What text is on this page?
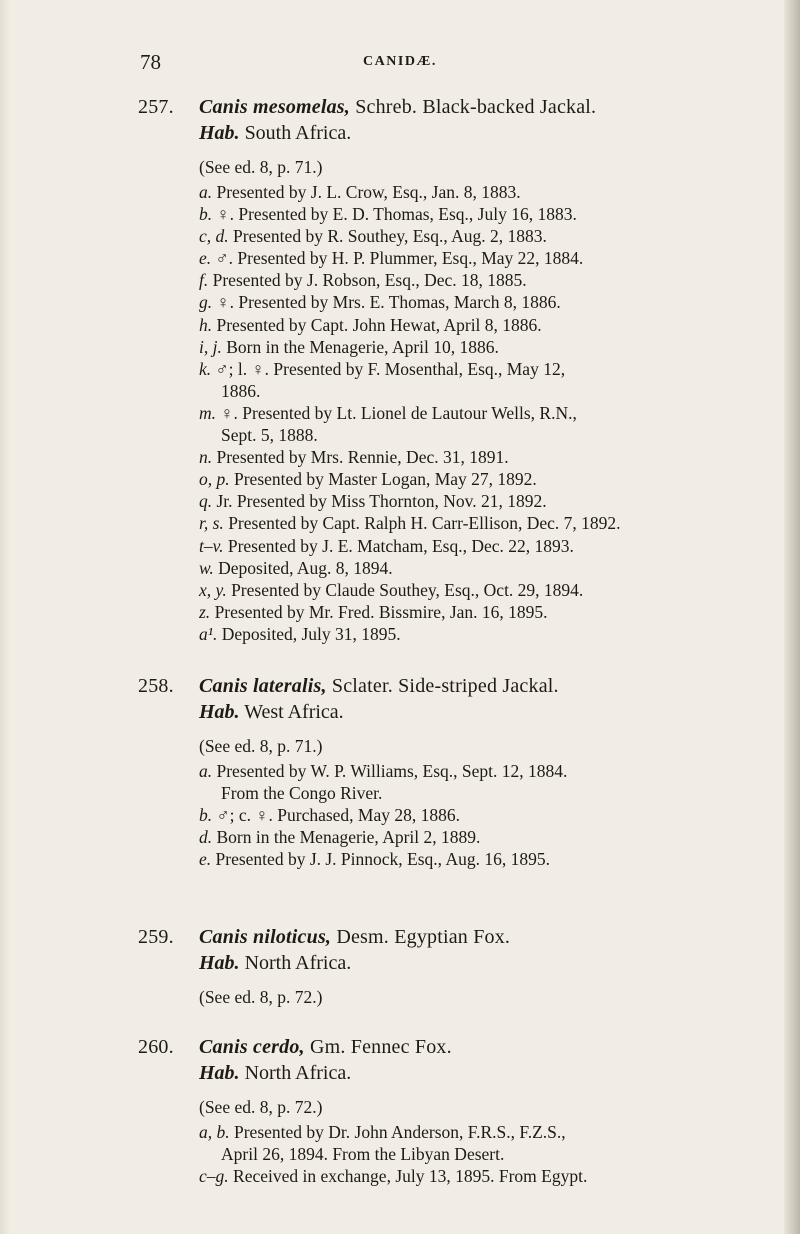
78	CANIDÆ.
257. Canis mesomelas, Schreb. Black-backed Jackal.
Hab. South Africa.
(See ed. 8, p. 71.)
a. Presented by J. L. Crow, Esq., Jan. 8, 1883.
b. ♀. Presented by E. D. Thomas, Esq., July 16, 1883.
c, d. Presented by R. Southey, Esq., Aug. 2, 1883.
e. ♂. Presented by H. P. Plummer, Esq., May 22, 1884.
f. Presented by J. Robson, Esq., Dec. 18, 1885.
g. ♀. Presented by Mrs. E. Thomas, March 8, 1886.
h. Presented by Capt. John Hewat, April 8, 1886.
i, j. Born in the Menagerie, April 10, 1886.
k. ♂; l. ♀. Presented by F. Mosenthal, Esq., May 12,
1886.
m. ♀. Presented by Lt. Lionel de Lautour Wells, R.N.,
Sept. 5, 1888.
n. Presented by Mrs. Rennie, Dec. 31, 1891.
o, p. Presented by Master Logan, May 27, 1892.
q. Jr. Presented by Miss Thornton, Nov. 21, 1892.
r, s. Presented by Capt. Ralph H. Carr-Ellison, Dec. 7, 1892.
t–v. Presented by J. E. Matcham, Esq., Dec. 22, 1893.
w. Deposited, Aug. 8, 1894.
x, y. Presented by Claude Southey, Esq., Oct. 29, 1894.
z. Presented by Mr. Fred. Bissmire, Jan. 16, 1895.
a¹. Deposited, July 31, 1895.
258. Canis lateralis, Sclater. Side-striped Jackal.
Hab. West Africa.
(See ed. 8, p. 71.)
a. Presented by W. P. Williams, Esq., Sept. 12, 1884.
From the Congo River.
b. ♂; c. ♀. Purchased, May 28, 1886.
d. Born in the Menagerie, April 2, 1889.
e. Presented by J. J. Pinnock, Esq., Aug. 16, 1895.
259. Canis niloticus, Desm. Egyptian Fox.
Hab. North Africa.
(See ed. 8, p. 72.)
260. Canis cerdo, Gm. Fennec Fox.
Hab. North Africa.
(See ed. 8, p. 72.)
a, b. Presented by Dr. John Anderson, F.R.S., F.Z.S.,
April 26, 1894. From the Libyan Desert.
c–g. Received in exchange, July 13, 1895. From Egypt.
